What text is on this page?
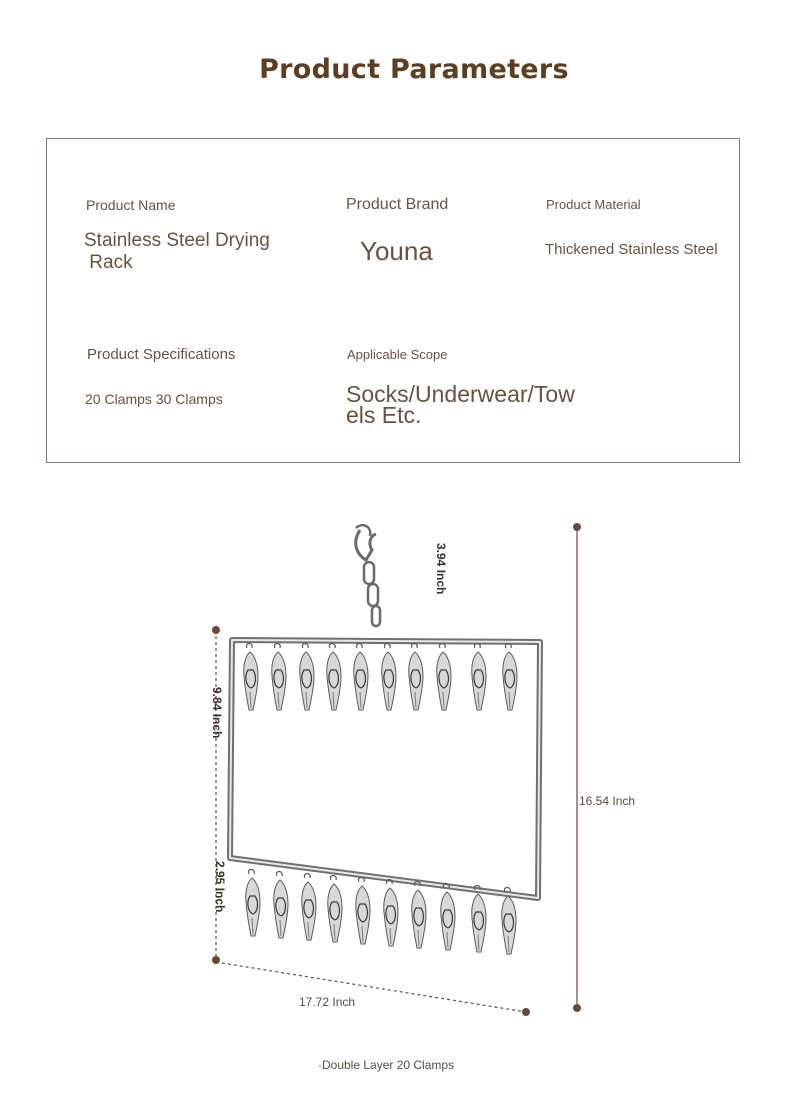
Product Parameters
Product Name
Stainless Steel Drying
Rack
Product Brand
Youna
Product Material
Thickened Stainless Steel
Product Specifications
20 Clamps 30 Clamps
Applicable Scope
Socks/Underwear/Tow
els Etc.
3.94 Inch
9.84 Inch
2.95 Inch
16.54 Inch
17.72 Inch
·Double Layer 20 Clamps
